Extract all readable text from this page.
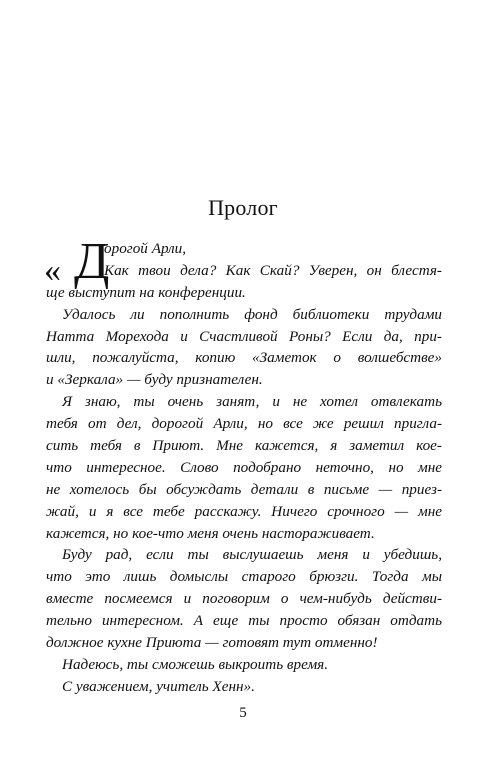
Пролог
« Д
орогой Арли,
Как твои дела? Как Скай? Уверен, он блестя-
ще выступит на конференции.
Удалось ли пополнить фонд библиотеки трудами
Натта Морехода и Счастливой Роны? Если да, при-
шли, пожалуйста, копию «Заметок о волшебстве»
и «Зеркала» — буду признателен.
Я знаю, ты очень занят, и не хотел отвлекать
тебя от дел, дорогой Арли, но все же решил пригла-
сить тебя в Приют. Мне кажется, я заметил кое-
что интересное. Слово подобрано неточно, но мне
не хотелось бы обсуждать детали в письме — приез-
жай, и я все тебе расскажу. Ничего срочного — мне
кажется, но кое-что меня очень настораживает.
Буду рад, если ты выслушаешь меня и убедишь,
что это лишь домыслы старого брюзги. Тогда мы
вместе посмеемся и поговорим о чем-нибудь действи-
тельно интересном. А еще ты просто обязан отдать
должное кухне Приюта — готовят тут отменно!
Надеюсь, ты сможешь выкроить время.
С уважением, учитель Хенн».
5
